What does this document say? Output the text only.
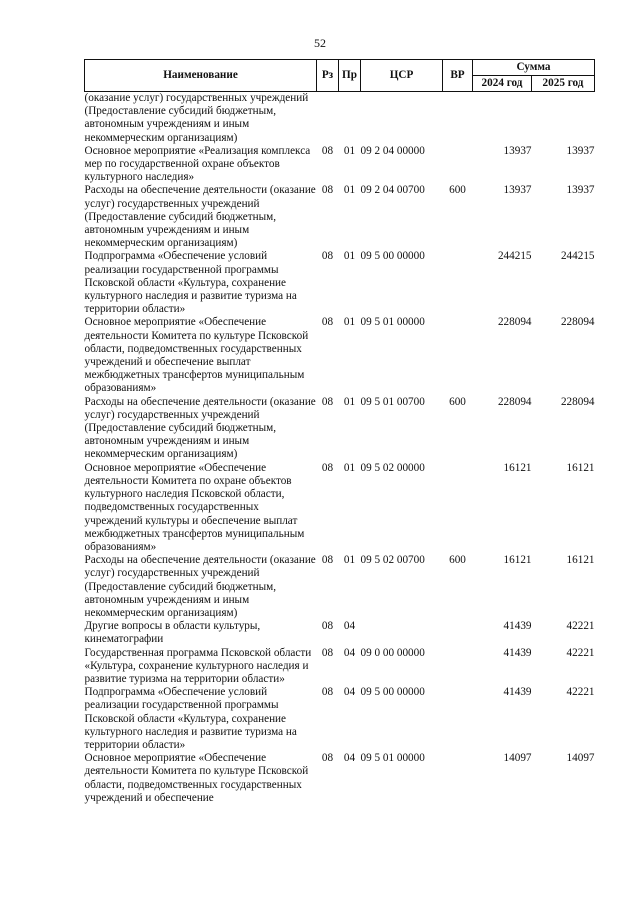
52
Наименование	Рз	Пр	ЦСР	ВР	Сумма	
					2024 год	2025 год
(оказание услуг) государственных учреждений (Предоставление субсидий бюджетным, автономным учреждениям и иным некоммерческим организациям)						
Основное мероприятие «Реализация комплекса мер по государственной охране объектов культурного наследия»	08	01	09 2 04 00000		13937	13937
Расходы на обеспечение деятельности (оказание услуг) государственных учреждений (Предоставление субсидий бюджетным, автономным учреждениям и иным некоммерческим организациям)	08	01	09 2 04 00700	600	13937	13937
Подпрограмма «Обеспечение условий реализации государственной программы Псковской области «Культура, сохранение культурного наследия и развитие туризма на территории области»	08	01	09 5 00 00000		244215	244215
Основное мероприятие «Обеспечение деятельности Комитета по культуре Псковской области, подведомственных государственных учреждений и обеспечение выплат межбюджетных трансфертов муниципальным образованиям»	08	01	09 5 01 00000		228094	228094
Расходы на обеспечение деятельности (оказание услуг) государственных учреждений (Предоставление субсидий бюджетным, автономным учреждениям и иным некоммерческим организациям)	08	01	09 5 01 00700	600	228094	228094
Основное мероприятие «Обеспечение деятельности Комитета по охране объектов культурного наследия Псковской области, подведомственных государственных учреждений культуры и обеспечение выплат межбюджетных трансфертов муниципальным образованиям»	08	01	09 5 02 00000		16121	16121
Расходы на обеспечение деятельности (оказание услуг) государственных учреждений (Предоставление субсидий бюджетным, автономным учреждениям и иным некоммерческим организациям)	08	01	09 5 02 00700	600	16121	16121
Другие вопросы в области культуры, кинематографии	08	04			41439	42221
Государственная программа Псковской области «Культура, сохранение культурного наследия и развитие туризма на территории области»	08	04	09 0 00 00000		41439	42221
Подпрограмма «Обеспечение условий реализации государственной программы Псковской области «Культура, сохранение культурного наследия и развитие туризма на территории области»	08	04	09 5 00 00000		41439	42221
Основное мероприятие «Обеспечение деятельности Комитета по культуре Псковской области, подведомственных государственных учреждений и обеспечение	08	04	09 5 01 00000		14097	14097
